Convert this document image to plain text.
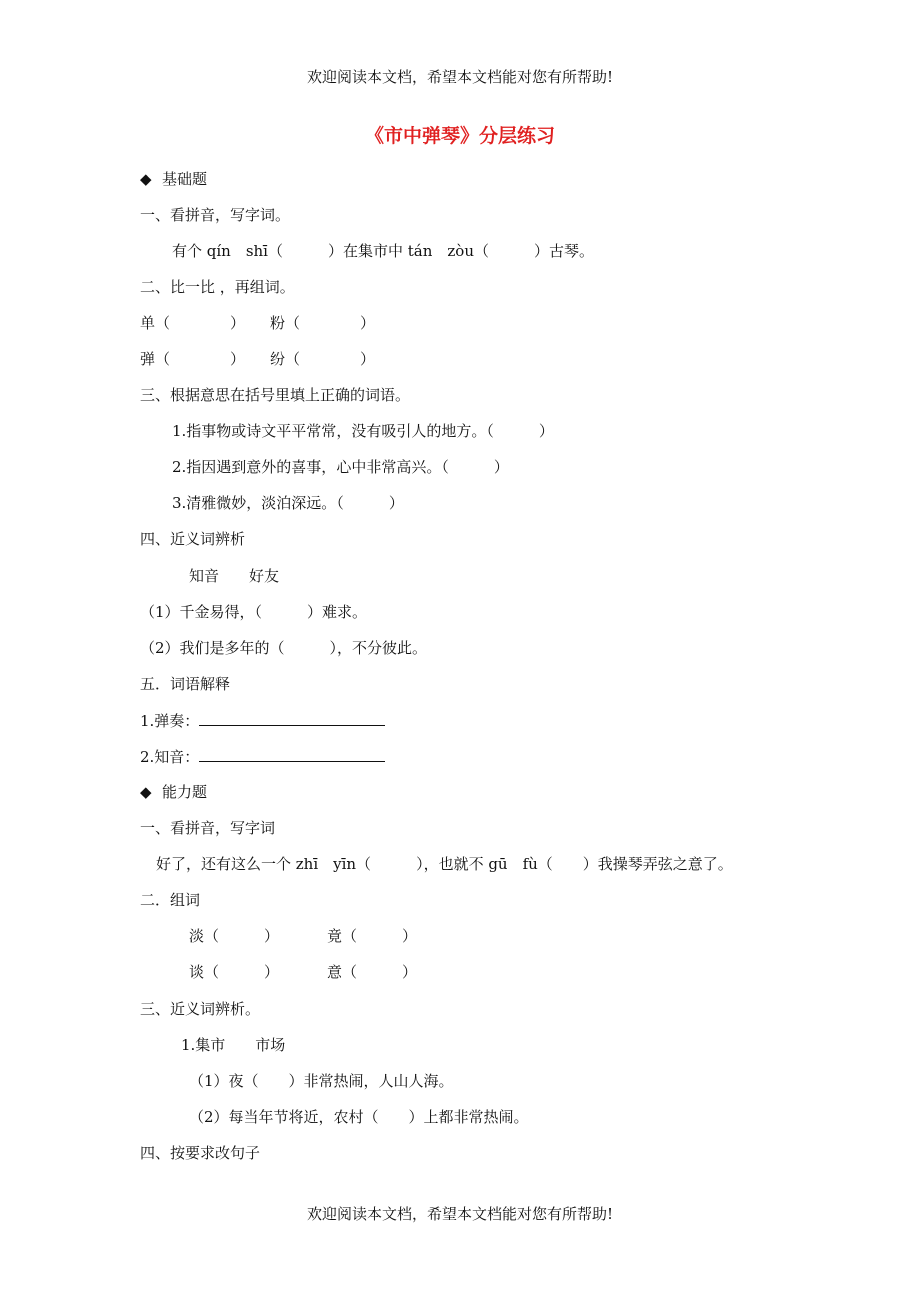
欢迎阅读本文档，希望本文档能对您有所帮助!
《市中弹琴》分层练习
◆ 基础题
一、看拼音，写字词。
有个 qín　shī（　　　）在集市中 tán　zòu（　　　）古琴。
二、比一比 ，再组词。
单（　　　　） 粉（　　　　）
弹（　　　　） 纷（　　　　）
三、根据意思在括号里填上正确的词语。
1.指事物或诗文平平常常，没有吸引人的地方。（　　　）
2.指因遇到意外的喜事，心中非常高兴。（　　　）
3.清雅微妙，淡泊深远。（　　　）
四、近义词辨析
知音　　好友
（1）千金易得，（　　　）难求。
（2）我们是多年的（　　　），不分彼此。
五．词语解释
1.弹奏：
2.知音：
◆ 能力题
一、看拼音，写字词
好了，还有这么一个 zhī　yīn（　　　），也就不 gū　fù（　　）我操琴弄弦之意了。
二．组词
淡（　　　）	竟（　　　）
谈（　　　）	意（　　　）
三、近义词辨析。
1.集市　　市场
（1）夜（　　）非常热闹，人山人海。
（2）每当年节将近，农村（　　）上都非常热闹。
四、按要求改句子
欢迎阅读本文档，希望本文档能对您有所帮助!
